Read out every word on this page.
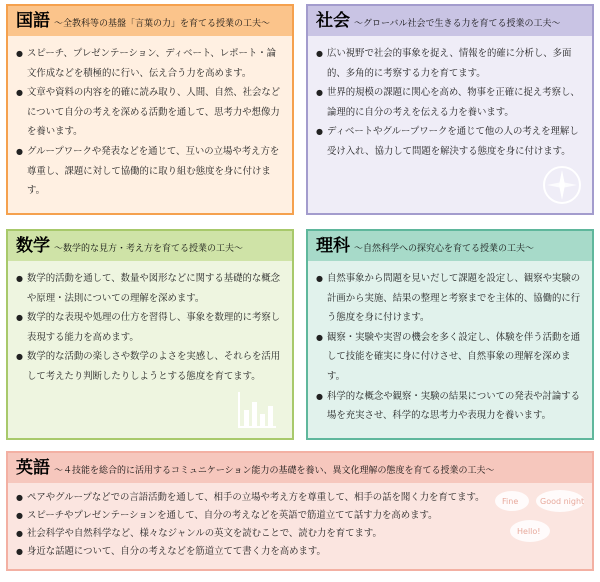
国語 ～全教科等の基盤「言葉の力」を育てる授業の工夫～
● スピーチ、プレゼンテーション、ディベート、レポート・論文作成などを積極的に行い、伝え合う力を高めます。
● 文章や資料の内容を的確に読み取り、人間、自然、社会などについて自分の考えを深める活動を通して、思考力や想像力を養います。
● グループワークや発表などを通じて、互いの立場や考え方を尊重し、課題に対して協働的に取り組む態度を身に付けます。
社会 ～グローバル社会で生きる力を育てる授業の工夫～
● 広い視野で社会的事象を捉え、情報を的確に分析し、多面的、多角的に考察する力を育てます。
● 世界的規模の課題に関心を高め、物事を正確に捉え考察し、論理的に自分の考えを伝える力を養います。
● ディベートやグループワークを通じて他の人の考えを理解し受け入れ、協力して問題を解決する態度を身に付けます。
数学 ～数学的な見方・考え方を育てる授業の工夫～
● 数学的活動を通して、数量や図形などに関する基礎的な概念や原理・法則についての理解を深めます。
● 数学的な表現や処理の仕方を習得し、事象を数理的に考察し表現する能力を高めます。
● 数学的な活動の楽しさや数学のよさを実感し、それらを活用して考えたり判断したりしようとする態度を育てます。
理科 ～自然科学への探究心を育てる授業の工夫～
● 自然事象から問題を見いだして課題を設定し、観察や実験の計画から実施、結果の整理と考察までを主体的、協働的に行う態度を身に付けます。
● 観察・実験や実習の機会を多く設定し、体験を伴う活動を通して技能を確実に身に付けさせ、自然事象の理解を深めます。
● 科学的な概念や観察・実験の結果についての発表や討論する場を充実させ、科学的な思考力や表現力を養います。
英語 ～４技能を総合的に活用するコミュニケーション能力の基礎を養い、異文化理解の態度を育てる授業の工夫～
● ペアやグループなどでの言語活動を通して、相手の立場や考え方を尊重して、相手の話を聞く力を育てます。
● スピーチやプレゼンテーションを通して、自分の考えなどを英語で筋道立てて話す力を高めます。
● 社会科学や自然科学など、様々なジャンルの英文を読むことで、読む力を育てます。
● 身近な話題について、自分の考えなどを筋道立てて書く力を高めます。
Fine	Good night
Hello!
